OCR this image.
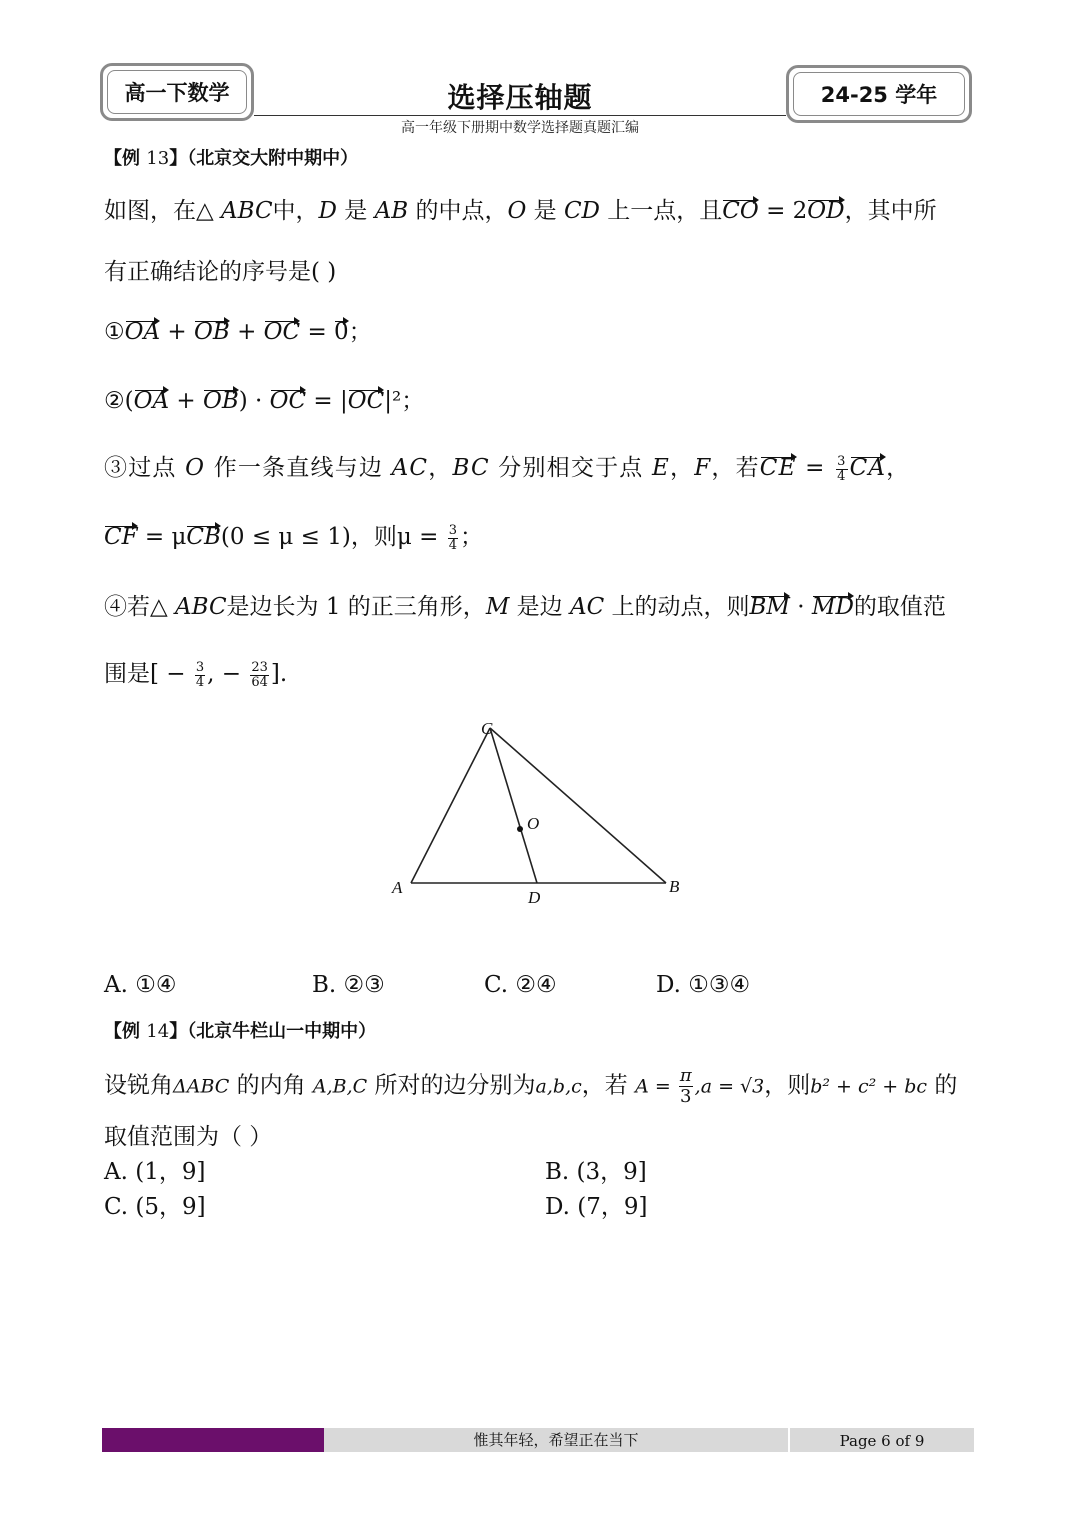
高一下数学	选择压轴题
高一年级下册期中数学选择题真题汇编
24-25 学年
【例 13】（北京交大附中期中）
如图，在△ ABC中，D 是 AB 的中点，O 是 CD 上一点，且CO = 2OD，其中所
有正确结论的序号是( )
①OA + OB + OC = 0；
②(OA + OB) · OC = |OC|²；
③过点 O 作一条直线与边 AC，BC 分别相交于点 E，F，若CE = $\frac{3}{4}$ CA，
CF = μCB(0 ≤ μ ≤ 1)，则$\mu = \frac{3}{4}$ ；
④若△ ABC是边长为 1 的正三角形，M 是边 AC 上的动点，则BM · MD的取值范
围是[ − $\frac{3}{4}$ , − $\frac{23}{64}$ ].
A	B
C
D
O
A. ①④	B. ②③	C. ②④	D. ①③④
【例 14】（北京牛栏山一中期中）
设锐角ΔABC 的内角 A,B,C 所对的边分别为a,b,c，若 $A = \frac{\pi}{3} ,a = √3$，则b² + c² + bc 的
取值范围为（ ）
A. (1，9]	B. (3，9]
C. (5，9]	D. (7，9]
惟其年轻，希望正在当下	Page 6 of 9
